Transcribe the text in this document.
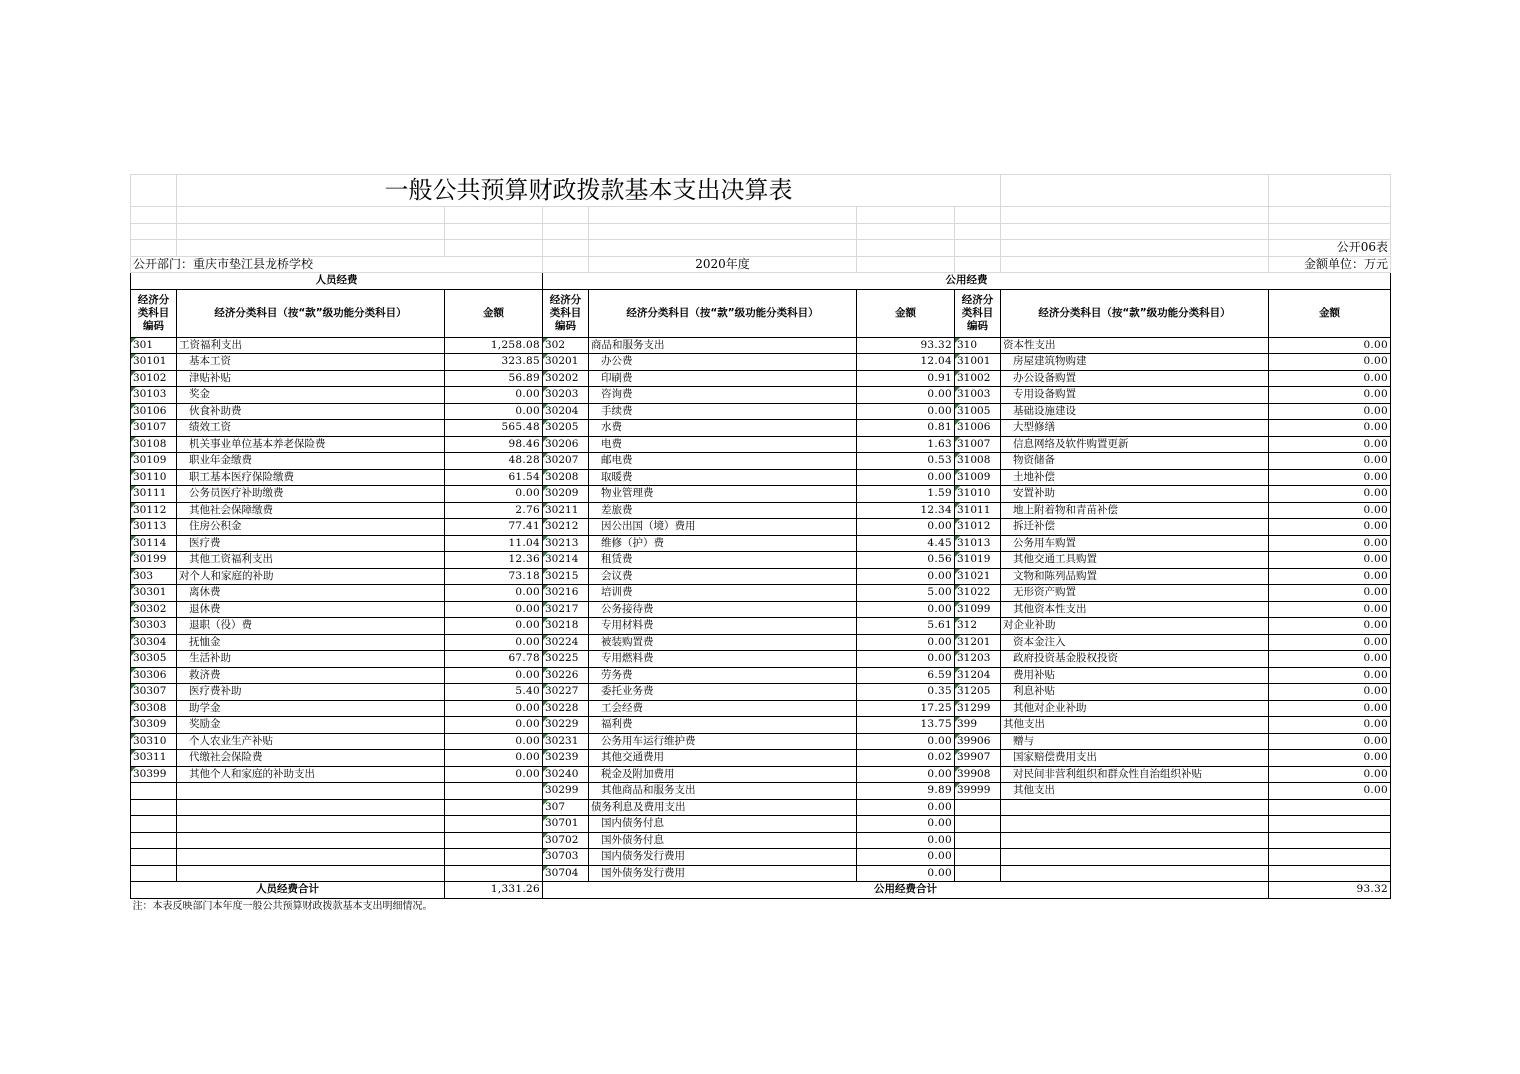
	一般公共预算财政拨款基本支出决算表							

								公开06表
公开部门：重庆市垫江县龙桥学校				2020年度				金额单位：万元
人员经费			公用经费					
经济分类科目编码	经济分类科目（按“款”级功能分类科目）	金额	经济分类科目编码	经济分类科目（按“款”级功能分类科目）	金额	经济分类科目编码	经济分类科目（按“款”级功能分类科目）	金额
301	工资福利支出	1,258.08	302	商品和服务支出	93.32	310	资本性支出	0.00
30101	基本工资	323.85	30201	办公费	12.04	31001	房屋建筑物购建	0.00
30102	津贴补贴	56.89	30202	印刷费	0.91	31002	办公设备购置	0.00
30103	奖金	0.00	30203	咨询费	0.00	31003	专用设备购置	0.00
30106	伙食补助费	0.00	30204	手续费	0.00	31005	基础设施建设	0.00
30107	绩效工资	565.48	30205	水费	0.81	31006	大型修缮	0.00
30108	机关事业单位基本养老保险费	98.46	30206	电费	1.63	31007	信息网络及软件购置更新	0.00
30109	职业年金缴费	48.28	30207	邮电费	0.53	31008	物资储备	0.00
30110	职工基本医疗保险缴费	61.54	30208	取暖费	0.00	31009	土地补偿	0.00
30111	公务员医疗补助缴费	0.00	30209	物业管理费	1.59	31010	安置补助	0.00
30112	其他社会保障缴费	2.76	30211	差旅费	12.34	31011	地上附着物和青苗补偿	0.00
30113	住房公积金	77.41	30212	因公出国（境）费用	0.00	31012	拆迁补偿	0.00
30114	医疗费	11.04	30213	维修（护）费	4.45	31013	公务用车购置	0.00
30199	其他工资福利支出	12.36	30214	租赁费	0.56	31019	其他交通工具购置	0.00
303	对个人和家庭的补助	73.18	30215	会议费	0.00	31021	文物和陈列品购置	0.00
30301	离休费	0.00	30216	培训费	5.00	31022	无形资产购置	0.00
30302	退休费	0.00	30217	公务接待费	0.00	31099	其他资本性支出	0.00
30303	退职（役）费	0.00	30218	专用材料费	5.61	312	对企业补助	0.00
30304	抚恤金	0.00	30224	被装购置费	0.00	31201	资本金注入	0.00
30305	生活补助	67.78	30225	专用燃料费	0.00	31203	政府投资基金股权投资	0.00
30306	救济费	0.00	30226	劳务费	6.59	31204	费用补贴	0.00
30307	医疗费补助	5.40	30227	委托业务费	0.35	31205	利息补贴	0.00
30308	助学金	0.00	30228	工会经费	17.25	31299	其他对企业补助	0.00
30309	奖励金	0.00	30229	福利费	13.75	399	其他支出	0.00
30310	个人农业生产补贴	0.00	30231	公务用车运行维护费	0.00	39906	赠与	0.00
30311	代缴社会保险费	0.00	30239	其他交通费用	0.02	39907	国家赔偿费用支出	0.00
30399	其他个人和家庭的补助支出	0.00	30240	税金及附加费用	0.00	39908	对民间非营利组织和群众性自治组织补贴	0.00
			30299	其他商品和服务支出	9.89	39999	其他支出	0.00
			307	债务利息及费用支出	0.00			
			30701	国内债务付息	0.00			
			30702	国外债务付息	0.00			
			30703	国内债务发行费用	0.00			
			30704	国外债务发行费用	0.00			
人员经费合计		1,331.26	公用经费合计					93.32
注：本表反映部门本年度一般公共预算财政拨款基本支出明细情况。								
